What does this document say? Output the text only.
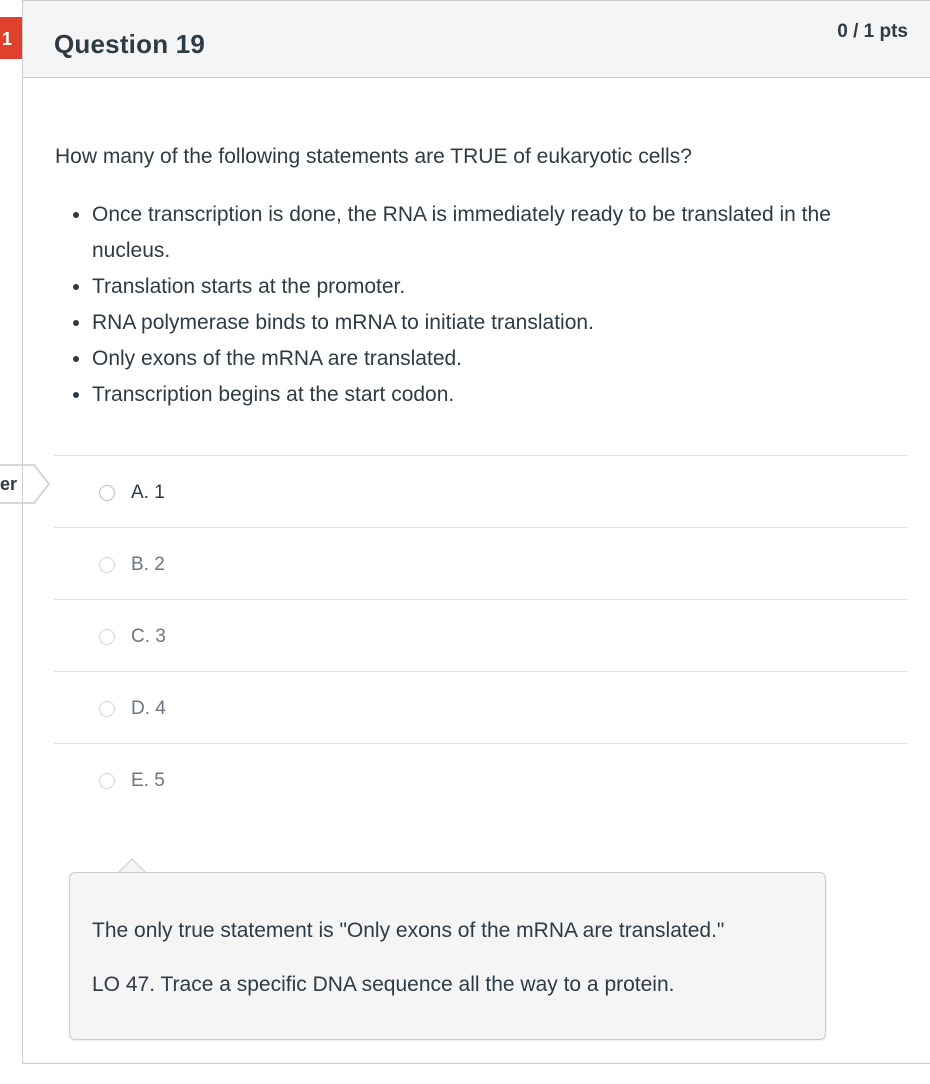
1
er
Question 19	0 / 1 pts
How many of the following statements are TRUE of eukaryotic cells?
• Once transcription is done, the RNA is immediately ready to be translated in the nucleus.
• Translation starts at the promoter.
• RNA polymerase binds to mRNA to initiate translation.
• Only exons of the mRNA are translated.
• Transcription begins at the start codon.
A. 1
B. 2
C. 3
D. 4
E. 5
The only true statement is "Only exons of the mRNA are translated."
LO 47. Trace a specific DNA sequence all the way to a protein.
